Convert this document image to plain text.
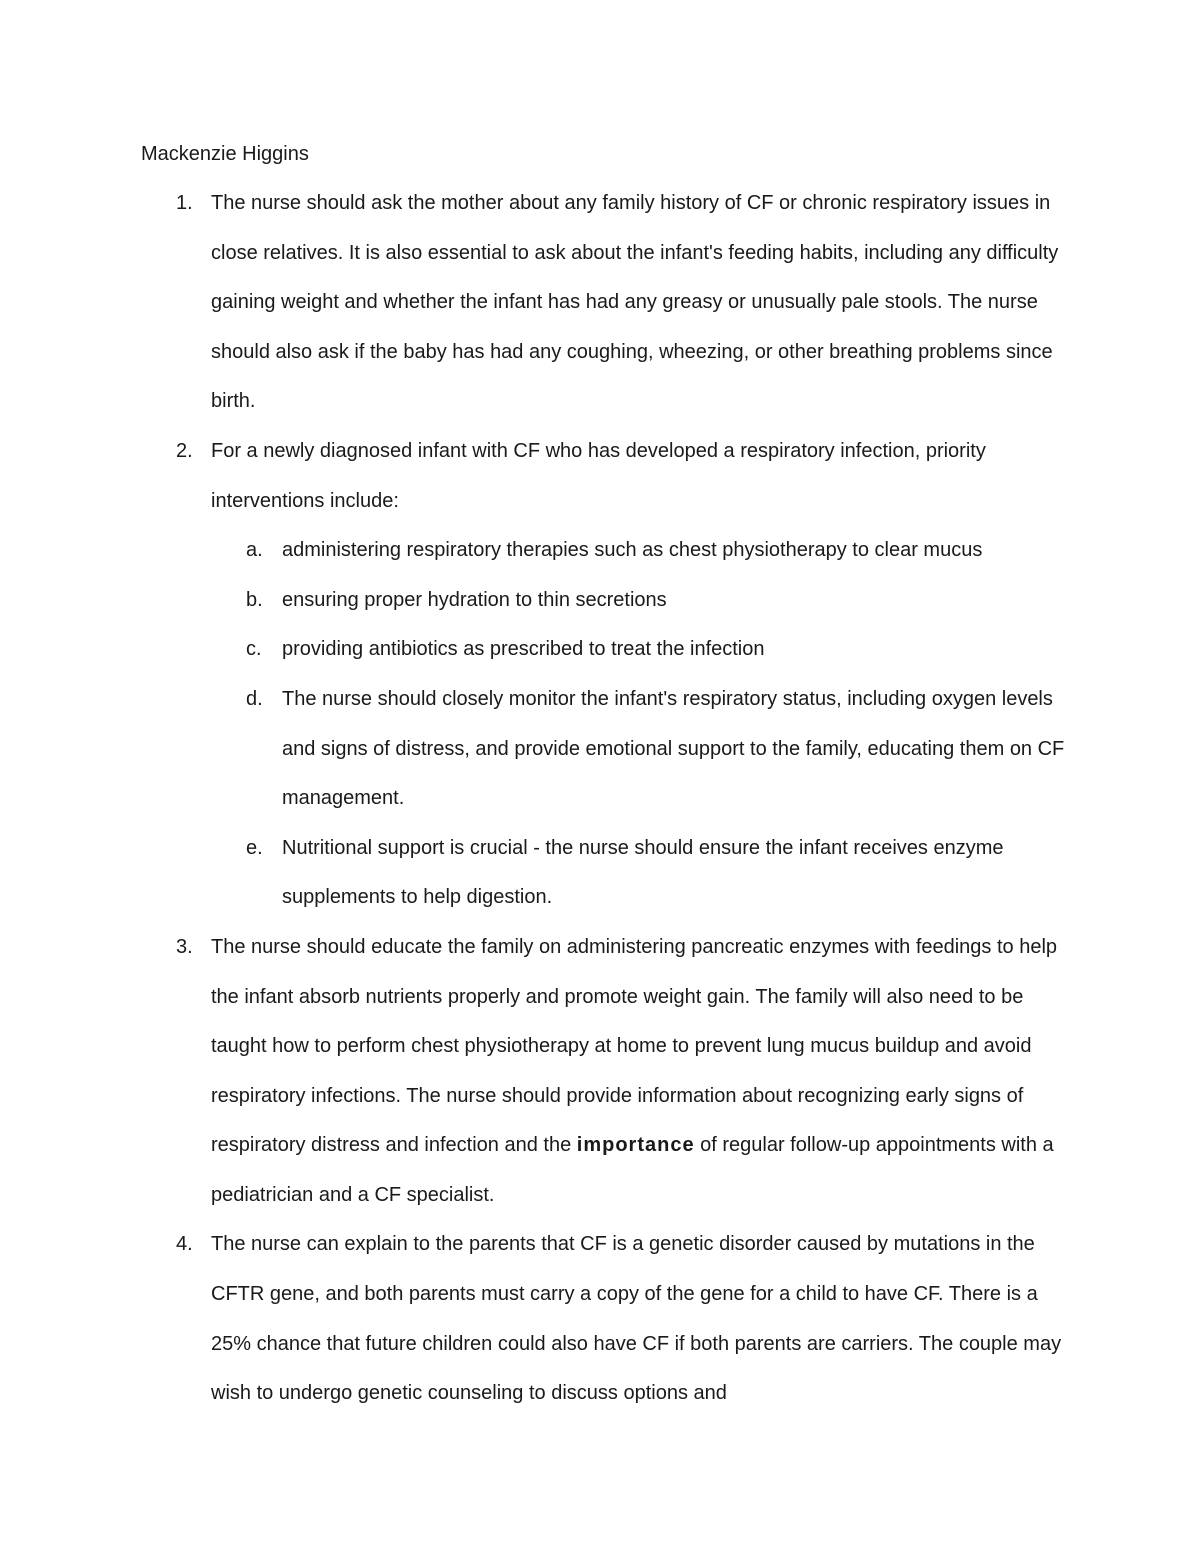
Mackenzie Higgins
1. The nurse should ask the mother about any family history of CF or chronic respiratory issues in close relatives. It is also essential to ask about the infant's feeding habits, including any difficulty gaining weight and whether the infant has had any greasy or unusually pale stools. The nurse should also ask if the baby has had any coughing, wheezing, or other breathing problems since birth.
2. For a newly diagnosed infant with CF who has developed a respiratory infection, priority interventions include:
a. administering respiratory therapies such as chest physiotherapy to clear mucus
b. ensuring proper hydration to thin secretions
c. providing antibiotics as prescribed to treat the infection
d. The nurse should closely monitor the infant's respiratory status, including oxygen levels and signs of distress, and provide emotional support to the family, educating them on CF management.
e. Nutritional support is crucial - the nurse should ensure the infant receives enzyme supplements to help digestion.
3. The nurse should educate the family on administering pancreatic enzymes with feedings to help the infant absorb nutrients properly and promote weight gain. The family will also need to be taught how to perform chest physiotherapy at home to prevent lung mucus buildup and avoid respiratory infections. The nurse should provide information about recognizing early signs of respiratory distress and infection and the importance of regular follow-up appointments with a pediatrician and a CF specialist.
4. The nurse can explain to the parents that CF is a genetic disorder caused by mutations in the CFTR gene, and both parents must carry a copy of the gene for a child to have CF. There is a 25% chance that future children could also have CF if both parents are carriers. The couple may wish to undergo genetic counseling to discuss options and
